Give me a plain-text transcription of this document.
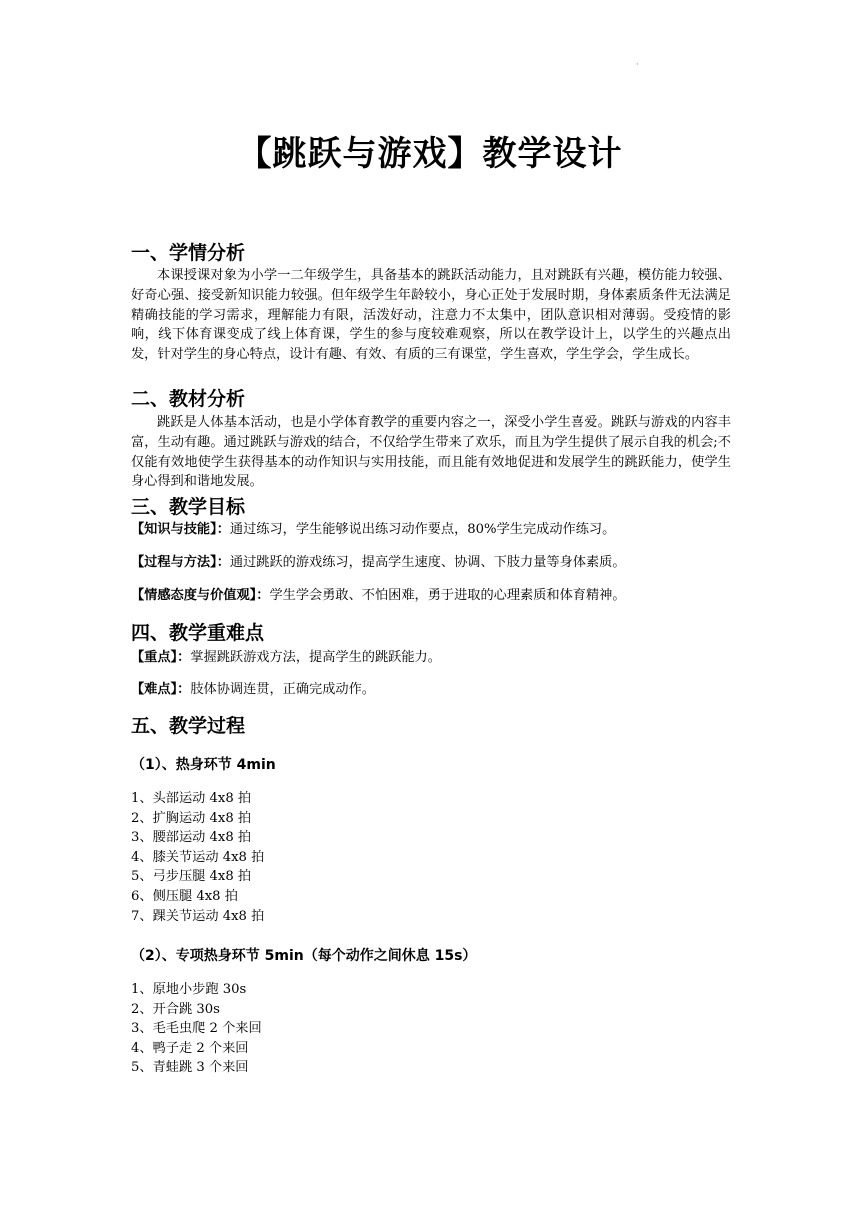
·
【跳跃与游戏】教学设计
一、学情分析

本课授课对象为小学一二年级学生，具备基本的跳跃活动能力，且对跳跃有兴趣，模仿能力较强、好奇心强、接受新知识能力较强。但年级学生年龄较小，身心正处于发展时期，身体素质条件无法满足精确技能的学习需求，理解能力有限，活泼好动，注意力不太集中，团队意识相对薄弱。受疫情的影响，线下体育课变成了线上体育课，学生的参与度较难观察，所以在教学设计上，以学生的兴趣点出发，针对学生的身心特点，设计有趣、有效、有质的三有课堂，学生喜欢，学生学会，学生成长。

二、教材分析

跳跃是人体基本活动，也是小学体育教学的重要内容之一，深受小学生喜爱。跳跃与游戏的内容丰富，生动有趣。通过跳跃与游戏的结合，不仅给学生带来了欢乐，而且为学生提供了展示自我的机会;不仅能有效地使学生获得基本的动作知识与实用技能，而且能有效地促进和发展学生的跳跃能力，使学生身心得到和谐地发展。

三、教学目标

【知识与技能】：通过练习，学生能够说出练习动作要点，80%学生完成动作练习。

【过程与方法】：通过跳跃的游戏练习，提高学生速度、协调、下肢力量等身体素质。

【情感态度与价值观】：学生学会勇敢、不怕困难，勇于进取的心理素质和体育精神。

四、教学重难点

【重点】：掌握跳跃游戏方法，提高学生的跳跃能力。

【难点】：肢体协调连贯，正确完成动作。

五、教学过程
（1）、热身环节 4min
1、头部运动 4x8 拍
2、扩胸运动 4x8 拍
3、腰部运动 4x8 拍
4、膝关节运动 4x8 拍
5、弓步压腿 4x8 拍
6、侧压腿 4x8 拍
7、踝关节运动 4x8 拍
（2）、专项热身环节 5min（每个动作之间休息 15s）
1、原地小步跑 30s
2、开合跳 30s
3、毛毛虫爬 2 个来回
4、鸭子走 2 个来回
5、青蛙跳 3 个来回
